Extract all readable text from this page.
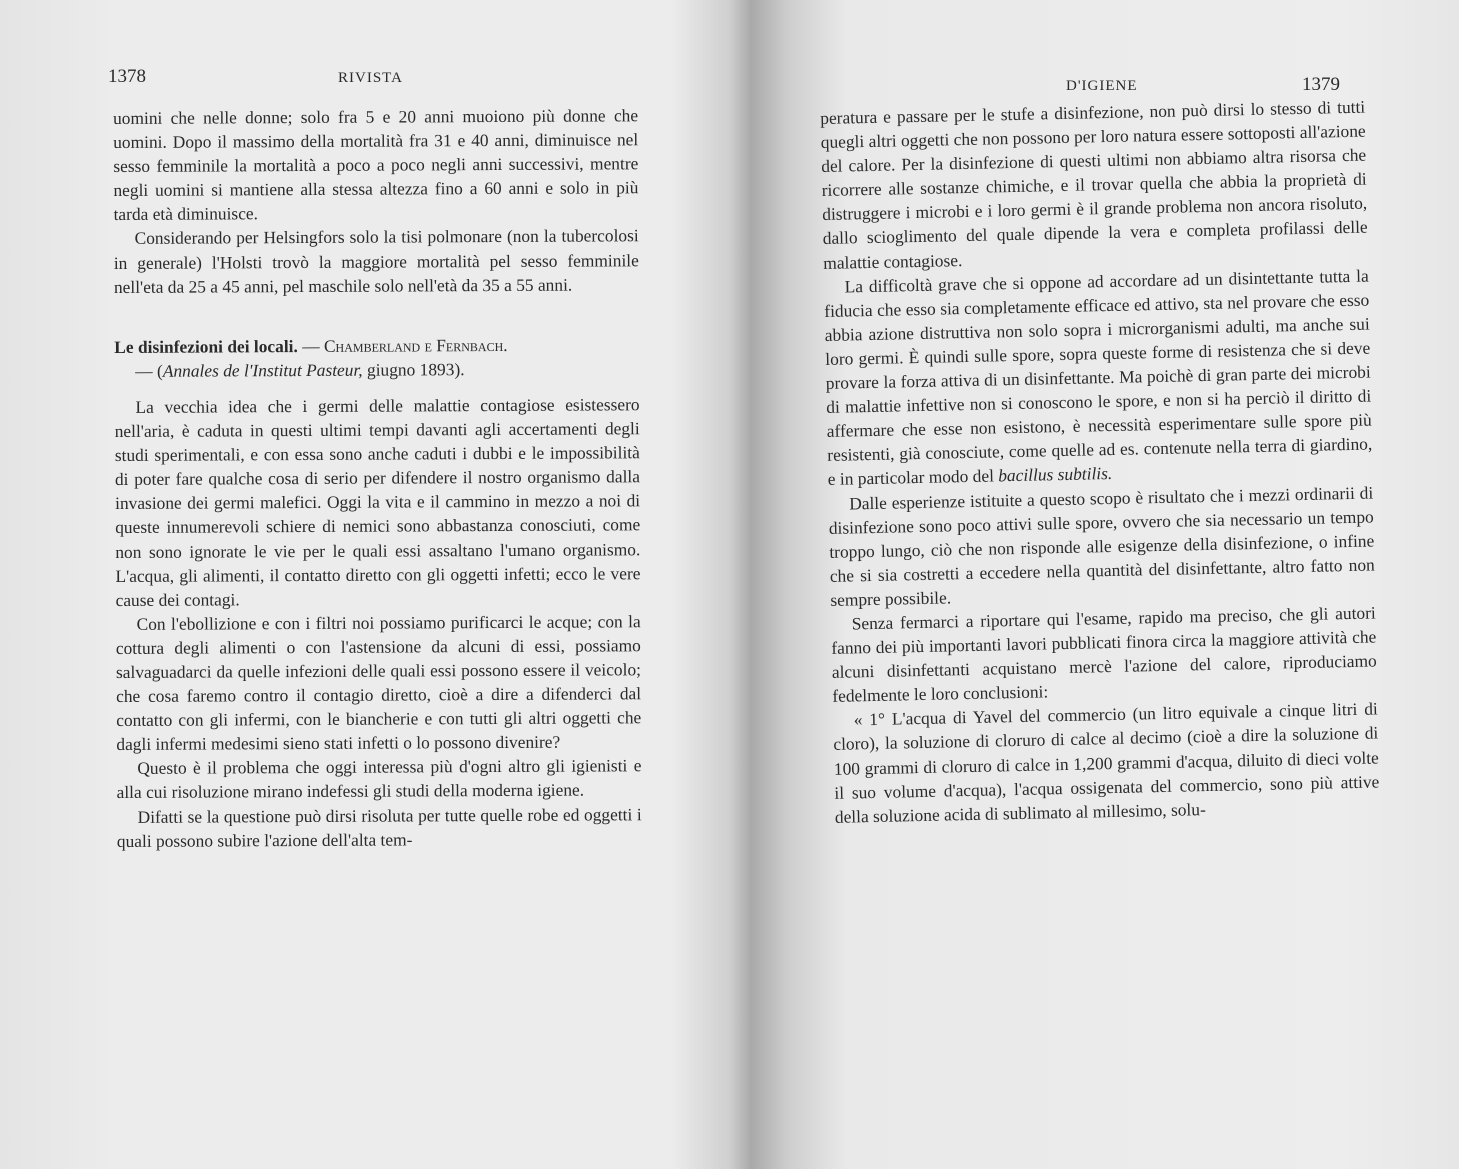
1378	RIVISTA

uomini che nelle donne; solo fra 5 e 20 anni muoiono più donne che uomini. Dopo il massimo della mortalità fra 31 e 40 anni, diminuisce nel sesso femminile la mortalità a poco a poco negli anni successivi, mentre negli uomini si mantiene alla stessa altezza fino a 60 anni e solo in più tarda età diminuisce.

Considerando per Helsingfors solo la tisi polmonare (non la tubercolosi in generale) l'Holsti trovò la maggiore mortalità pel sesso femminile nell'eta da 25 a 45 anni, pel maschile solo nell'età da 35 a 55 anni.

Le disinfezioni dei locali. — Chamberland e Fernbach.

— (Annales de l'Institut Pasteur, giugno 1893).

La vecchia idea che i germi delle malattie contagiose esistessero nell'aria, è caduta in questi ultimi tempi davanti agli accertamenti degli studi sperimentali, e con essa sono anche caduti i dubbi e le impossibilità di poter fare qualche cosa di serio per difendere il nostro organismo dalla invasione dei germi malefici. Oggi la vita e il cammino in mezzo a noi di queste innumerevoli schiere di nemici sono abbastanza conosciuti, come non sono ignorate le vie per le quali essi assaltano l'umano organismo. L'acqua, gli alimenti, il contatto diretto con gli oggetti infetti; ecco le vere cause dei contagi.

Con l'ebollizione e con i filtri noi possiamo purificarci le acque; con la cottura degli alimenti o con l'astensione da alcuni di essi, possiamo salvaguadarci da quelle infezioni delle quali essi possono essere il veicolo; che cosa faremo contro il contagio diretto, cioè a dire a difenderci dal contatto con gli infermi, con le biancherie e con tutti gli altri oggetti che dagli infermi medesimi sieno stati infetti o lo possono divenire?

Questo è il problema che oggi interessa più d'ogni altro gli igienisti e alla cui risoluzione mirano indefessi gli studi della moderna igiene.

Difatti se la questione può dirsi risoluta per tutte quelle robe ed oggetti i quali possono subire l'azione dell'alta tem-

D'IGIENE	1379

peratura e passare per le stufe a disinfezione, non può dirsi lo stesso di tutti quegli altri oggetti che non possono per loro natura essere sottoposti all'azione del calore. Per la disinfezione di questi ultimi non abbiamo altra risorsa che ricorrere alle sostanze chimiche, e il trovar quella che abbia la proprietà di distruggere i microbi e i loro germi è il grande problema non ancora risoluto, dallo scioglimento del quale dipende la vera e completa profilassi delle malattie contagiose.

La difficoltà grave che si oppone ad accordare ad un disintettante tutta la fiducia che esso sia completamente efficace ed attivo, sta nel provare che esso abbia azione distruttiva non solo sopra i microrganismi adulti, ma anche sui loro germi. È quindi sulle spore, sopra queste forme di resistenza che si deve provare la forza attiva di un disinfettante. Ma poichè di gran parte dei microbi di malattie infettive non si conoscono le spore, e non si ha perciò il diritto di affermare che esse non esistono, è necessità esperimentare sulle spore più resistenti, già conosciute, come quelle ad es. contenute nella terra di giardino, e in particolar modo del bacillus subtilis.

Dalle esperienze istituite a questo scopo è risultato che i mezzi ordinarii di disinfezione sono poco attivi sulle spore, ovvero che sia necessario un tempo troppo lungo, ciò che non risponde alle esigenze della disinfezione, o infine che si sia costretti a eccedere nella quantità del disinfettante, altro fatto non sempre possibile.

Senza fermarci a riportare qui l'esame, rapido ma preciso, che gli autori fanno dei più importanti lavori pubblicati finora circa la maggiore attività che alcuni disinfettanti acquistano mercè l'azione del calore, riproduciamo fedelmente le loro conclusioni:

« 1° L'acqua di Yavel del commercio (un litro equivale a cinque litri di cloro), la soluzione di cloruro di calce al decimo (cioè a dire la soluzione di 100 grammi di cloruro di calce in 1,200 grammi d'acqua, diluito di dieci volte il suo volume d'acqua), l'acqua ossigenata del commercio, sono più attive della soluzione acida di sublimato al millesimo, solu-
